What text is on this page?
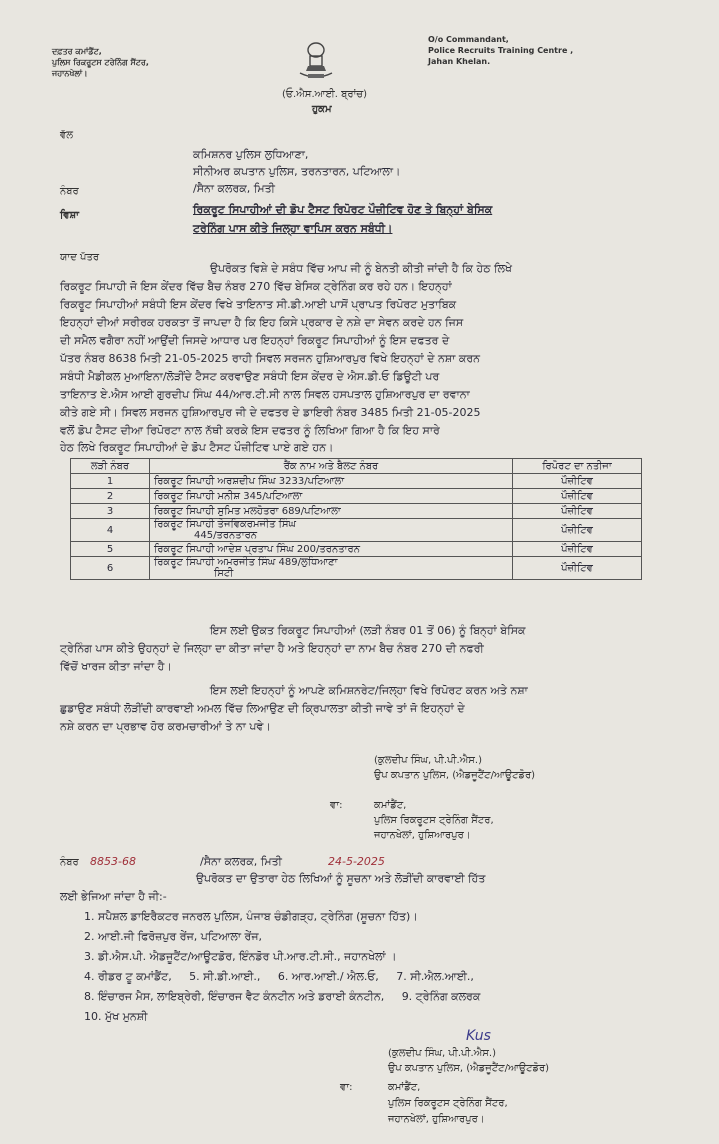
ਦਫ਼ਤਰ ਕਮਾਂਡੈਂਟ,
ਪੁਲਿਸ ਰਿਕਰੂਟਸ ਟਰੇਨਿੰਗ ਸੈਂਟਰ,
ਜਹਾਨਖੇਲਾਂ।
O/o Commandant,
Police Recruits Training Centre ,
Jahan Khelan.
(ਓ.ਐਸ.ਆਈ. ਬ੍ਰਾਂਚ)
ਹੁਕਮ
ਵੱਲ
ਕਮਿਸ਼ਨਰ ਪੁਲਿਸ ਲੁਧਿਆਣਾ,
ਸੀਨੀਅਰ ਕਪਤਾਨ ਪੁਲਿਸ, ਤਰਨਤਾਰਨ, ਪਟਿਆਲਾ।
ਨੰਬਰ	/ਸੈਨਾ ਕਲਰਕ, ਮਿਤੀ
ਵਿਸ਼ਾ	ਰਿਕਰੂਟ ਸਿਪਾਹੀਆਂ ਦੀ ਡੋਪ ਟੈਸਟ ਰਿਪੋਰਟ ਪੌਜ਼ੀਟਿਵ ਹੋਣ ਤੇ ਬਿਨ੍ਹਾਂ ਬੇਸਿਕ
ਟਰੇਨਿੰਗ ਪਾਸ ਕੀਤੇ ਜਿਲ੍ਹਾ ਵਾਪਿਸ ਕਰਨ ਸਬੰਧੀ।
ਯਾਦ ਪੱਤਰ
ਉਪਰੋਕਤ ਵਿਸ਼ੇ ਦੇ ਸਬੰਧ ਵਿੱਚ ਆਪ ਜੀ ਨੂੰ ਬੇਨਤੀ ਕੀਤੀ ਜਾਂਦੀ ਹੈ ਕਿ ਹੇਠ ਲਿਖੇ
ਰਿਕਰੂਟ ਸਿਪਾਹੀ ਜੋ ਇਸ ਕੇਂਦਰ ਵਿੱਚ ਬੈਚ ਨੰਬਰ 270 ਵਿੱਚ ਬੇਸਿਕ ਟ੍ਰੇਨਿੰਗ ਕਰ ਰਹੇ ਹਨ। ਇਹਨ੍ਹਾਂ
ਰਿਕਰੂਟ ਸਿਪਾਹੀਆਂ ਸਬੰਧੀ ਇਸ ਕੇਂਦਰ ਵਿਖੇ ਤਾਇਨਾਤ ਸੀ.ਡੀ.ਆਈ ਪਾਸੋਂ ਪ੍ਰਾਪਤ ਰਿਪੋਰਟ ਮੁਤਾਬਿਕ
ਇਹਨ੍ਹਾਂ ਦੀਆਂ ਸਰੀਰਕ ਹਰਕਤਾ ਤੋਂ ਜਾਪਦਾ ਹੈ ਕਿ ਇਹ ਕਿਸੇ ਪ੍ਰਕਾਰ ਦੇ ਨਸ਼ੇ ਦਾ ਸੇਵਨ ਕਰਦੇ ਹਨ ਜਿਸ
ਦੀ ਸਮੈਲ ਵਗੈਰਾ ਨਹੀਂ ਆਉਂਦੀ ਜਿਸਦੇ ਆਧਾਰ ਪਰ ਇਹਨ੍ਹਾਂ ਰਿਕਰੂਟ ਸਿਪਾਹੀਆਂ ਨੂੰ ਇਸ ਦਫਤਰ ਦੇ
ਪੱਤਰ ਨੰਬਰ 8638 ਮਿਤੀ 21-05-2025 ਰਾਹੀ ਸਿਵਲ ਸਰਜਨ ਹੁਸ਼ਿਆਰਪੁਰ ਵਿਖੇ ਇਹਨ੍ਹਾਂ ਦੇ ਨਸ਼ਾ ਕਰਨ
ਸਬੰਧੀ ਮੈਡੀਕਲ ਮੁਆਇਨਾ/ਲੋੜੀਂਦੇ ਟੈਸਟ ਕਰਵਾਉਣ ਸਬੰਧੀ ਇਸ ਕੇਂਦਰ ਦੇ ਐਸ.ਡੀ.ਓ ਡਿਊਟੀ ਪਰ
ਤਾਇਨਾਤ ਏ.ਐਸ ਆਈ ਗੁਰਦੀਪ ਸਿੰਘ 44/ਆਰ.ਟੀ.ਸੀ ਨਾਲ ਸਿਵਲ ਹਸਪਤਾਲ ਹੁਸ਼ਿਆਰਪੁਰ ਦਾ ਰਵਾਨਾ
ਕੀਤੇ ਗਏ ਸੀ। ਸਿਵਲ ਸਰਜਨ ਹੁਸ਼ਿਆਰਪੁਰ ਜੀ ਦੇ ਦਫਤਰ ਦੇ ਡਾਇਰੀ ਨੰਬਰ 3485 ਮਿਤੀ 21-05-2025
ਵਲੋਂ ਡੋਪ ਟੈਸਟ ਦੀਆ ਰਿਪੋਰਟਾ ਨਾਲ ਨੱਥੀ ਕਰਕੇ ਇਸ ਦਫਤਰ ਨੂੰ ਲਿਖਿਆ ਗਿਆ ਹੈ ਕਿ ਇਹ ਸਾਰੇ
ਹੇਠ ਲਿਖੇ ਰਿਕਰੂਟ ਸਿਪਾਹੀਆਂ ਦੇ ਡੋਪ ਟੈਸਟ ਪੌਜ਼ੀਟਿਵ ਪਾਏ ਗਏ ਹਨ।
ਲੜੀ ਨੰਬਰ	ਰੈਂਕ ਨਾਮ ਅਤੇ ਬੈਲਟ ਨੰਬਰ	ਰਿਪੋਰਟ ਦਾ ਨਤੀਜਾ
1	ਰਿਕਰੂਟ ਸਿਪਾਹੀ ਅਰਸ਼ਦੀਪ ਸਿੰਘ 3233/ਪਟਿਆਲਾ	ਪੌਜ਼ੀਟਿਵ
2	ਰਿਕਰੂਟ ਸਿਪਾਹੀ ਮਨੀਸ਼ 345/ਪਟਿਆਲਾ	ਪੌਜ਼ੀਟਿਵ
3	ਰਿਕਰੂਟ ਸਿਪਾਹੀ ਸੁਮਿਤ ਮਲਹੋਤਰਾ 689/ਪਟਿਆਲਾ	ਪੌਜ਼ੀਟਿਵ
4	ਰਿਕਰੂਟ ਸਿਪਾਹੀ ਤੇਜਵਿਕਰਮਜੀਤ ਸਿੰਘ
445/ਤਰਨਤਾਰਨ	ਪੌਜ਼ੀਟਿਵ
5	ਰਿਕਰੂਟ ਸਿਪਾਹੀ ਆਦੇਸ਼ ਪ੍ਰਤਾਪ ਸਿੰਘ 200/ਤਰਨਤਾਰਨ	ਪੌਜ਼ੀਟਿਵ
6	ਰਿਕਰੂਟ ਸਿਪਾਹੀ ਅਮਰਜੀਤ ਸਿੰਘ 489/ਲੁਧਿਆਣਾ
ਸਿਟੀ	ਪੌਜ਼ੀਟਿਵ
ਇਸ ਲਈ ਉਕਤ ਰਿਕਰੂਟ ਸਿਪਾਹੀਆਂ (ਲੜੀ ਨੰਬਰ 01 ਤੋਂ 06) ਨੂੰ ਬਿਨ੍ਹਾਂ ਬੇਸਿਕ
ਟ੍ਰੇਨਿੰਗ ਪਾਸ ਕੀਤੇ ਉਹਨ੍ਹਾਂ ਦੇ ਜਿਲ੍ਹਾ ਦਾ ਕੀਤਾ ਜਾਂਦਾ ਹੈ ਅਤੇ ਇਹਨ੍ਹਾਂ ਦਾ ਨਾਮ ਬੈਚ ਨੰਬਰ 270 ਦੀ ਨਫਰੀ
ਵਿੱਚੋਂ ਖਾਰਜ ਕੀਤਾ ਜਾਂਦਾ ਹੈ।
ਇਸ ਲਈ ਇਹਨ੍ਹਾਂ ਨੂੰ ਆਪਣੇ ਕਮਿਸ਼ਨਰੇਟ/ਜਿਲ੍ਹਾ ਵਿਖੇ ਰਿਪੋਰਟ ਕਰਨ ਅਤੇ ਨਸ਼ਾ
ਛੁਡਾਉਣ ਸਬੰਧੀ ਲੋੜੀਂਦੀ ਕਾਰਵਾਈ ਅਮਲ ਵਿੱਚ ਲਿਆਉਣ ਦੀ ਕ੍ਰਿਪਾਲਤਾ ਕੀਤੀ ਜਾਵੇ ਤਾਂ ਜੋ ਇਹਨ੍ਹਾਂ ਦੇ
ਨਸ਼ੇ ਕਰਨ ਦਾ ਪ੍ਰਭਾਵ ਹੋਰ ਕਰਮਚਾਰੀਆਂ ਤੇ ਨਾ ਪਵੇ।
(ਕੁਲਦੀਪ ਸਿੰਘ, ਪੀ.ਪੀ.ਐਸ.)
ਉਪ ਕਪਤਾਨ ਪੁਲਿਸ, (ਐਡਜੂਟੈਂਟ/ਆਊਟਡੋਰ)
ਵਾ:	ਕਮਾਂਡੈਂਟ,
ਪੁਲਿਸ ਰਿਕਰੂਟਸ ਟ੍ਰੇਨਿੰਗ ਸੈਂਟਰ,
ਜਹਾਨਖੇਲਾਂ, ਹੁਸ਼ਿਆਰਪੁਰ।
ਨੰਬਰ 8853-68	/ਸੈਨਾ ਕਲਰਕ, ਮਿਤੀ	24-5-2025
ਉਪਰੋਕਤ ਦਾ ਉਤਾਰਾ ਹੇਠ ਲਿਖਿਆਂ ਨੂੰ ਸੂਚਨਾ ਅਤੇ ਲੋੜੀਂਦੀ ਕਾਰਵਾਈ ਹਿੱਤ
ਲਈ ਭੇਜਿਆ ਜਾਂਦਾ ਹੈ ਜੀ:-
1. ਸਪੈਸ਼ਲ ਡਾਇਰੈਕਟਰ ਜਨਰਲ ਪੁਲਿਸ, ਪੰਜਾਬ ਚੰਡੀਗੜ੍ਹ, ਟ੍ਰੇਨਿੰਗ (ਸੂਚਨਾ ਹਿੱਤ)।
2. ਆਈ.ਜੀ ਫਿਰੋਜ਼ਪੁਰ ਰੇਂਜ, ਪਟਿਆਲਾ ਰੇਂਜ,
3. ਡੀ.ਐਸ.ਪੀ. ਐਡਜੂਟੈਂਟ/ਆਊਟਡੋਰ, ਇੰਨਡੋਰ ਪੀ.ਆਰ.ਟੀ.ਸੀ., ਜਹਾਨਖੇਲਾਂ ।
4. ਰੀਡਰ ਟੂ ਕਮਾਂਡੈਂਟ,     5. ਸੀ.ਡੀ.ਆਈ.,     6. ਆਰ.ਆਈ./ ਐਲ.ਓ,     7. ਸੀ.ਐਲ.ਆਈ.,
8. ਇੰਚਾਰਜ ਮੈਸ, ਲਾਇਬ੍ਰੇਰੀ, ਇੰਚਾਰਜ ਵੈਟ ਕੰਨਟੀਨ ਅਤੇ ਡਰਾਈ ਕੰਨਟੀਨ,     9. ਟ੍ਰੇਨਿੰਗ ਕਲਰਕ
10. ਮੁੱਖ ਮੁਨਸ਼ੀ
Kus
(ਕੁਲਦੀਪ ਸਿੰਘ, ਪੀ.ਪੀ.ਐਸ.)
ਉਪ ਕਪਤਾਨ ਪੁਲਿਸ, (ਐਡਜੂਟੈਂਟ/ਆਊਟਡੋਰ)
ਵਾ:	ਕਮਾਂਡੈਂਟ,
ਪੁਲਿਸ ਰਿਕਰੂਟਸ ਟ੍ਰੇਨਿੰਗ ਸੈਂਟਰ,
ਜਹਾਨਖੇਲਾਂ, ਹੁਸ਼ਿਆਰਪੁਰ।
